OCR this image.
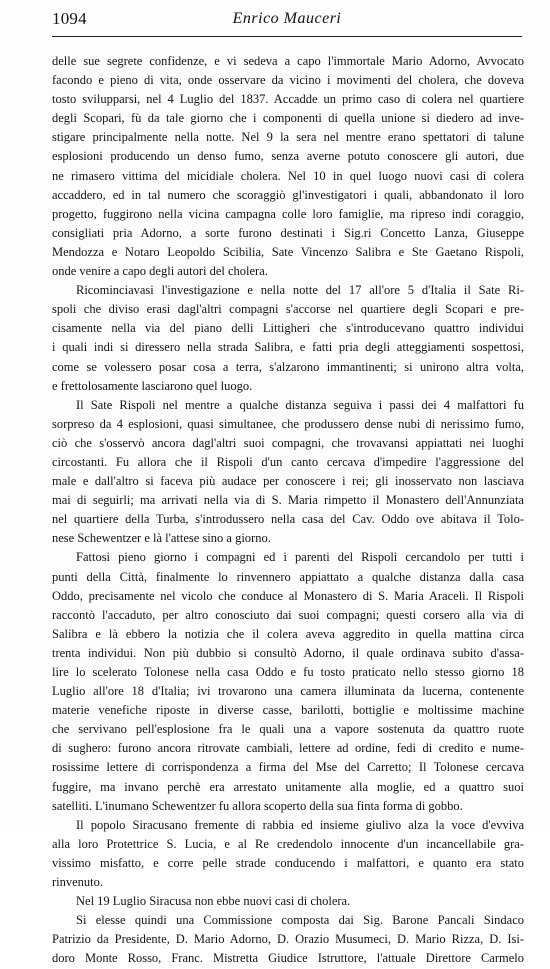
1094	Enrico Mauceri
delle sue segrete confidenze, e vi sedeva a capo l'immortale Mario Adorno, Avvocato
facondo e pieno di vita, onde osservare da vicino i movimenti del cholera, che doveva
tosto svilupparsi, nel 4 Luglio del 1837. Accadde un primo caso di colera nel quartiere
degli Scopari, fù da tale giorno che i componenti di quella unione si diedero ad inve-
stigare principalmente nella notte. Nel 9 la sera nel mentre erano spettatori di talune
esplosioni producendo un denso fumo, senza averne potuto conoscere gli autori, due
ne rimasero vittima del micidiale cholera. Nel 10 in quel luogo nuovi casi di colera
accaddero, ed in tal numero che scoraggiò gl'investigatori i quali, abbandonato il loro
progetto, fuggirono nella vicina campagna colle loro famiglie, ma ripreso indi coraggio,
consigliati pria Adorno, a sorte furono destinati i Sig.ri Concetto Lanza, Giuseppe
Mendozza e Notaro Leopoldo Scibilia, Sate Vincenzo Salibra e Ste Gaetano Rispoli,
onde venire a capo degli autori del cholera.
Ricominciavasi l'investigazione e nella notte del 17 all'ore 5 d'Italia il Sate Ri-
spoli che diviso erasi dagl'altri compagni s'accorse nel quartiere degli Scopari e pre-
cisamente nella via del piano delli Littigheri che s'introducevano quattro individui
i quali indi si diressero nella strada Salibra, e fatti pria degli atteggiamenti sospettosi,
come se volessero posar cosa a terra, s'alzarono immantinenti; si unirono altra volta,
e frettolosamente lasciarono quel luogo.
Il Sate Rispoli nel mentre a qualche distanza seguiva i passi dei 4 malfattori fu
sorpreso da 4 esplosioni, quasi simultanee, che produssero dense nubi di nerissimo fumo,
ciò che s'osservò ancora dagl'altri suoi compagni, che trovavansi appiattati nei luoghi
circostanti. Fu allora che il Rispoli d'un canto cercava d'impedire l'aggressione del
male e dall'altro si faceva più audace per conoscere i rei; gli inosservato non lasciava
mai di seguirli; ma arrivati nella via di S. Maria rimpetto il Monastero dell'Annunziata
nel quartiere della Turba, s'introdussero nella casa del Cav. Oddo ove abitava il Tolo-
nese Schewentzer e là l'attese sino a giorno.
Fattosi pieno giorno i compagni ed i parenti del Rispoli cercandolo per tutti i
punti della Città, finalmente lo rinvennero appiattato a qualche distanza dalla casa
Oddo, precisamente nel vicolo che conduce al Monastero di S. Maria Araceli. Il Rispoli
raccontò l'accaduto, per altro conosciuto dai suoi compagni; questi corsero alla via di
Salibra e là ebbero la notizia che il colera aveva aggredito in quella mattina circa
trenta individui. Non più dubbio si consultò Adorno, il quale ordinava subito d'assa-
lire lo scelerato Tolonese nella casa Oddo e fu tosto praticato nello stesso giorno 18
Luglio all'ore 18 d'Italia; ivi trovarono una camera illuminata da lucerna, contenente
materie venefiche riposte in diverse casse, barilotti, bottiglie e moltissime machine
che servivano pell'esplosione fra le quali una a vapore sostenuta da quattro ruote
di sughero: furono ancora ritrovate cambiali, lettere ad ordine, fedi di credito e nume-
rosissime lettere di corrispondenza a firma del Mse del Carretto; Il Tolonese cercava
fuggire, ma invano perchè era arrestato unitamente alla moglie, ed a quattro suoi
satelliti. L'inumano Schewentzer fu allora scoperto della sua finta forma di gobbo.
Il popolo Siracusano fremente di rabbia ed insieme giulivo alza la voce d'evviva
alla loro Protettrice S. Lucia, e al Re credendolo innocente d'un incancellabile gra-
vissimo misfatto, e corre pelle strade conducendo i malfattori, e quanto era stato
rinvenuto.
Nel 19 Luglio Siracusa non ebbe nuovi casi di cholera.
Si elesse quindi una Commissione composta dai Sig. Barone Pancali Sindaco
Patrizio da Presidente, D. Mario Adorno, D. Orazio Musumeci, D. Mario Rizza, D. Isi-
doro Monte Rosso, Franc. Mistretta Giudice Istruttore, l'attuale Direttore Carmelo
